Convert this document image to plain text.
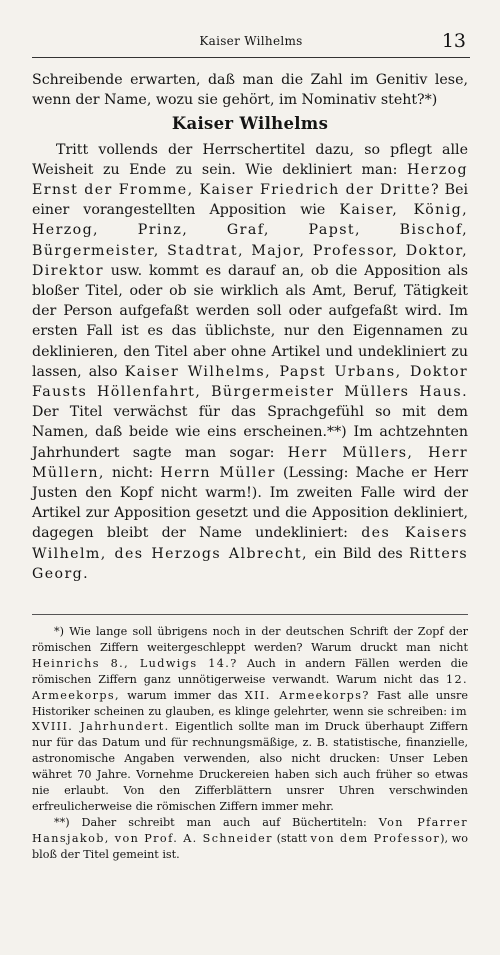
Kaiser Wilhelms	13

Schreibende erwarten, daß man die Zahl im Genitiv lese, wenn der Name, wozu sie gehört, im Nominativ steht?*)

Kaiser Wilhelms

Tritt vollends der Herrschertitel dazu, so pflegt alle Weisheit zu Ende zu sein. Wie dekliniert man: Herzog Ernst der Fromme, Kaiser Friedrich der Dritte? Bei einer vorangestellten Apposition wie Kaiser, König, Herzog, Prinz, Graf, Papst, Bischof, Bürgermeister, Stadtrat, Major, Professor, Doktor, Direktor usw. kommt es darauf an, ob die Apposition als bloßer Titel, oder ob sie wirklich als Amt, Beruf, Tätigkeit der Person aufgefaßt werden soll oder aufgefaßt wird. Im ersten Fall ist es das üblichste, nur den Eigennamen zu deklinieren, den Titel aber ohne Artikel und undekliniert zu lassen, also Kaiser Wilhelms, Papst Urbans, Doktor Fausts Höllenfahrt, Bürgermeister Müllers Haus. Der Titel verwächst für das Sprachgefühl so mit dem Namen, daß beide wie eins erscheinen.**) Im achtzehnten Jahrhundert sagte man sogar: Herr Müllers, Herr Müllern, nicht: Herrn Müller (Lessing: Mache er Herr Justen den Kopf nicht warm!). Im zweiten Falle wird der Artikel zur Apposition gesetzt und die Apposition dekliniert, dagegen bleibt der Name undekliniert: des Kaisers Wilhelm, des Herzogs Albrecht, ein Bild des Ritters Georg.

*) Wie lange soll übrigens noch in der deutschen Schrift der Zopf der römischen Ziffern weitergeschleppt werden? Warum druckt man nicht Heinrichs 8., Ludwigs 14.? Auch in andern Fällen werden die römischen Ziffern ganz unnötigerweise verwandt. Warum nicht das 12. Armeekorps, warum immer das XII. Armeekorps? Fast alle unsre Historiker scheinen zu glauben, es klinge gelehrter, wenn sie schreiben: im XVIII. Jahrhundert. Eigentlich sollte man im Druck überhaupt Ziffern nur für das Datum und für rechnungsmäßige, z. B. statistische, finanzielle, astronomische Angaben verwenden, also nicht drucken: Unser Leben währet 70 Jahre. Vornehme Druckereien haben sich auch früher so etwas nie erlaubt. Von den Zifferblättern unsrer Uhren verschwinden erfreulicherweise die römischen Ziffern immer mehr.

**) Daher schreibt man auch auf Büchertiteln: Von Pfarrer Hansjakob, von Prof. A. Schneider (statt von dem Professor), wo bloß der Titel gemeint ist.
